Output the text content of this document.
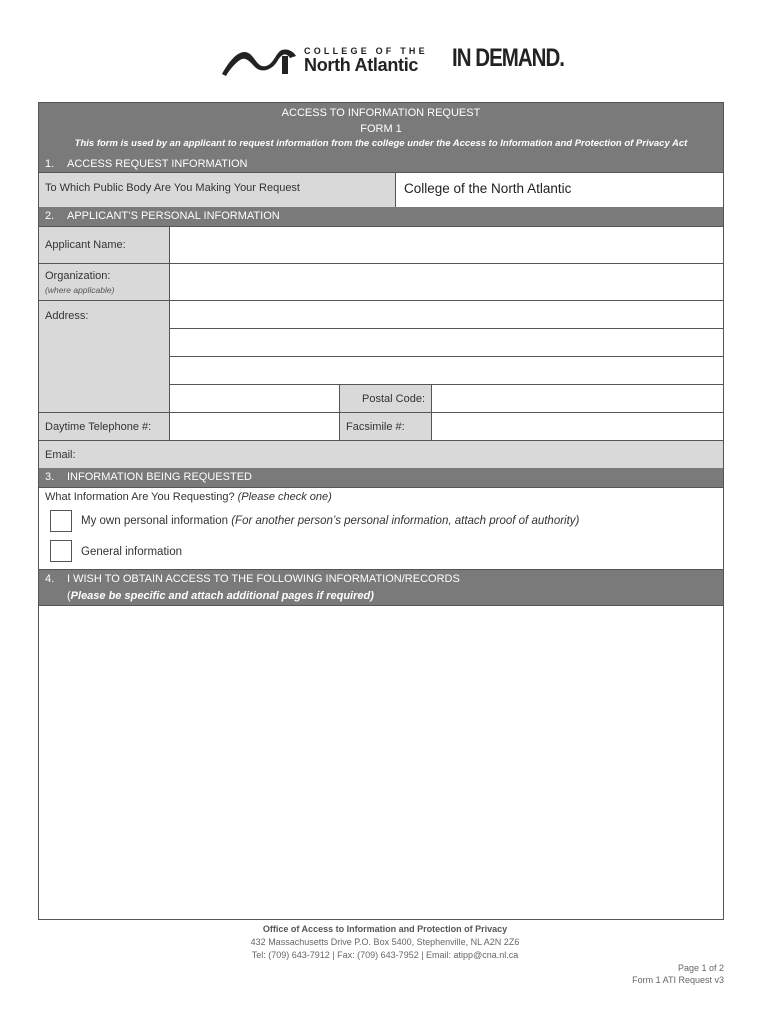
COLLEGE OF THE
North Atlantic	IN DEMAND.
ACCESS TO INFORMATION REQUEST
FORM 1
This form is used by an applicant to request information from the college under the Access to Information and Protection of Privacy Act
1. ACCESS REQUEST INFORMATION
To Which Public Body Are You Making Your Request	College of the North Atlantic
2. APPLICANT’S PERSONAL INFORMATION
Applicant Name:
Organization:
(where applicable)
Address:
Postal Code:
Daytime Telephone #:	Facsimile #:
Email:
3. INFORMATION BEING REQUESTED
What Information Are You Requesting? (Please check one)
My own personal information (For another person’s personal information, attach proof of authority)
General information
4. I WISH TO OBTAIN ACCESS TO THE FOLLOWING INFORMATION/RECORDS
(Please be specific and attach additional pages if required)
Office of Access to Information and Protection of Privacy
432 Massachusetts Drive P.O. Box 5400, Stephenville, NL A2N 2Z6
Tel: (709) 643-7912 | Fax: (709) 643-7952 | Email: atipp@cna.nl.ca
Page 1 of 2
Form 1 ATI Request v3
